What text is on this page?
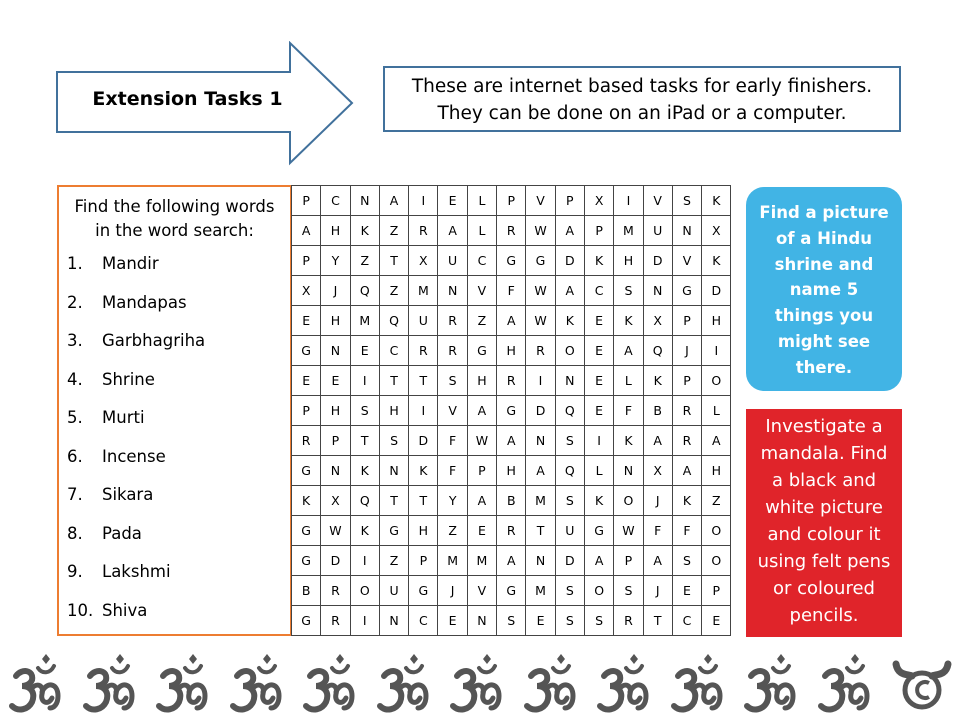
Extension Tasks 1
These are internet based tasks for early finishers.
They can be done on an iPad or a computer.
Find the following words
in the word search:
1. Mandir
2. Mandapas
3. Garbhagriha
4. Shrine
5. Murti
6. Incense
7. Sikara
8. Pada
9. Lakshmi
10. Shiva
P	C	N	A	I	E	L	P	V	P	X	I	V	S	K
A	H	K	Z	R	A	L	R	W	A	P	M	U	N	X
P	Y	Z	T	X	U	C	G	G	D	K	H	D	V	K
X	J	Q	Z	M	N	V	F	W	A	C	S	N	G	D
E	H	M	Q	U	R	Z	A	W	K	E	K	X	P	H
G	N	E	C	R	R	G	H	R	O	E	A	Q	J	I
E	E	I	T	T	S	H	R	I	N	E	L	K	P	O
P	H	S	H	I	V	A	G	D	Q	E	F	B	R	L
R	P	T	S	D	F	W	A	N	S	I	K	A	R	A
G	N	K	N	K	F	P	H	A	Q	L	N	X	A	H
K	X	Q	T	T	Y	A	B	M	S	K	O	J	K	Z
G	W	K	G	H	Z	E	R	T	U	G	W	F	F	O
G	D	I	Z	P	M	M	A	N	D	A	P	A	S	O
B	R	O	U	G	J	V	G	M	S	O	S	J	E	P
G	R	I	N	C	E	N	S	E	S	S	R	T	C	E
Find a picture
of a Hindu
shrine and
name 5
things you
might see
there.
Investigate a
mandala. Find
a black and
white picture
and colour it
using felt pens
or coloured
pencils.
